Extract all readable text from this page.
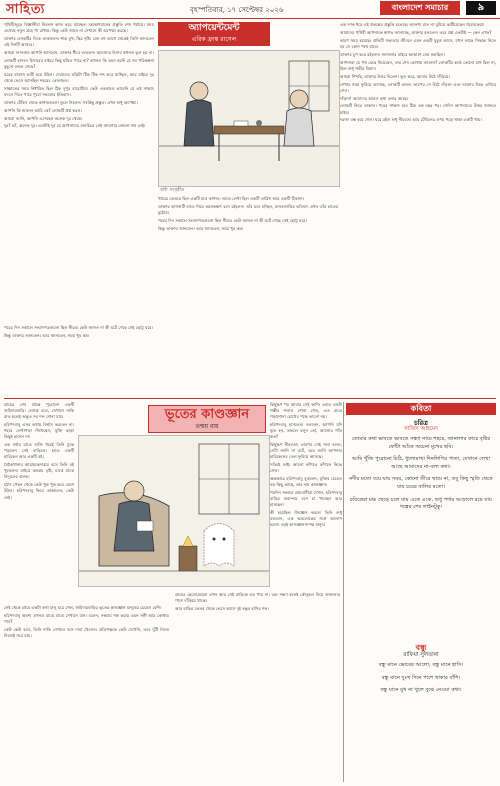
সাহিত্য	বৃহস্পতিবার, ১৭ সেপ্টেম্বর ২০২৬	বাংলাদেশ সমাচার	৯
অ্যাপয়েন্টমেন্ট
এরিক ফ্রাঙ্ক রাসেল

পৃথিবীজুড়ে বিজ্ঞানীরা নিরলস কাজ করে যাচ্ছেন। মহাকাশযানের প্রস্তুতি শেষ পর্যায়ে। সময় এসেছে নতুন গ্রহে পা রাখার। কিন্তু কেউ জানে না সেখানে কী অপেক্ষা করছে।

ডাক্তার লোকটির দিকে তাকালেন। শান্ত মুখ, স্থির দৃষ্টি। যেন বহু আগে থেকেই তিনি জানতেন এই দিনটি আসবে।

আমরা জানতাম আপনি আসবেন, ডাক্তার ধীরে বললেন। আমাদের হিসাব কখনও ভুল হয় না।

লোকটি হাসল। হিসাবের বাইরে কিছু ঘটতে পারে না? কখনও কি এমন হয়নি যে সব পরিকল্পনা মুহূর্তে বদলে গেছে?

ঘরের বাতাস ভারী হয়ে উঠল। দেয়ালের ঘড়িটা টিক টিক শব্দ করে যাচ্ছিল, আর বাইরে দূর থেকে ভেসে আসছিল শহরের কোলাহল।

সাক্ষাতের সময় নির্ধারিত ছিল ঠিক দুপুর বারোটায়। কেউ একবারও ভাবেনি যে এই সাক্ষাৎ বদলে দিতে পারে পুরো সভ্যতার ইতিহাস।

ডাক্তার টেবিল থেকে কাগজগুলো তুলে নিলেন। সবকিছু প্রস্তুত। এখন শুধু অপেক্ষা।

আপনি কি জানেন আমি কে? লোকটি প্রশ্ন করল।

আমরা জানি, আপনি এসেছেন অনেক দূর থেকে।

দূর? হ্যাঁ, অনেক দূর। এতটাই দূর যে আপনাদের মানচিত্রে সেই জায়গার কোনো নাম নেই।

ছবি: সংগৃহীত

এক দশক ধরে এই প্রকল্পের প্রস্তুতি চলেছে। অসংখ্য রাত না ঘুমিয়ে কাটিয়েছেন গবেষকেরা।

আমাদের পৃথিবী আপনাকে স্বাগত জানাচ্ছে, ডাক্তার বললেন। তবে প্রশ্ন একটাই — কেন এখন?

কারণ সময় হয়েছে। প্রতিটি সভ্যতার জীবনে এমন একটি মুহূর্ত আসে, যখন তাকে সিদ্ধান্ত নিতে হয় সে কোন পথে যাবে।

ডাক্তার চুপ করে রইলেন। জানালার বাইরে আকাশে মেঘ জমছিল।

আপনারা যে পথ বেছে নিয়েছেন, তার শেষ কোথায় জানেন? লোকটির কণ্ঠে কোনো রাগ ছিল না, ছিল শুধু গভীর বিষাদ।

আমরা শিখছি, ডাক্তার উত্তর দিলেন। ভুল করে, আবার উঠে দাঁড়িয়ে।

শেখার সময় ফুরিয়ে আসছে, লোকটি বলল। তারপর সে উঠে দাঁড়াল এবং দরজার দিকে এগিয়ে গেল।

দাঁড়ান! আমাদের আরও কথা বলার আছে।

লোকটি ফিরে তাকাল। পরের সাক্ষাৎ হবে ঠিক এক বছর পর। সেদিন আপনাদের উত্তর জানতে চাইব।

দরজা বন্ধ হয়ে গেল। ঘরে রইল শুধু নীরবতা আর টেবিলের ওপর পড়ে থাকা একটি খাম।

খামের ভেতরে ছিল একটি মাত্র কাগজ। তাতে লেখা ছিল একটি তারিখ আর একটি ঠিকানা।

ডাক্তার কাগজটি হাতে নিয়ে অনেকক্ষণ বসে রইলেন। তাঁর মনে হচ্ছিল, মানবজাতির ভবিষ্যৎ এখন তাঁর হাতের মুঠোয়।

পরের দিন সকালে সংবাদপত্রগুলো ছিল নীরব। কেউ জানল না কী ঘটে গেছে সেই ছোট্ট ঘরে।

কিন্তু ডাক্তার জানতেন। আর জানতেন, সময় খুব কম।

পরের দিন সকালে সংবাদপত্রগুলো ছিল নীরব। কেউ জানল না কী ঘটে গেছে সেই ছোট্ট ঘরে।

কিন্তু ডাক্তার জানতেন। আর জানতেন, সময় খুব কম।

ভূতের কাণ্ডজ্ঞান
তন্ময় রায়

গ্রামের শেষ প্রান্তে পুরোনো একটি জমিদারবাড়ি। লোকে বলে, সেখানে নাকি রাত হলেই অদ্ভুত সব শব্দ শোনা যায়।

হরিপদবাবু এসব কথায় বিশ্বাস করতেন না। শহরে লেখাপড়া শিখেছেন, যুক্তি ছাড়া কিছুই মানেন না।

এক বর্ষার রাতে বাজি ধরেই তিনি ঢুকে পড়লেন সেই বাড়িতে। হাতে একটি হারিকেন আর একটি বই।

বৈঠকখানার আরামকেদারায় বসে তিনি বই খুললেন। বাইরে ঝমঝম বৃষ্টি, মাঝে মাঝে বিদ্যুতের ঝলক।

হঠাৎ পেছন থেকে কেউ খুক খুক করে কেশে উঠল। হরিপদবাবু ফিরে তাকালেন, কেউ নেই।

কিছুক্ষণ পর আবার সেই কাশি। এবার একটা গম্ভীর গলাও শোনা গেল, এত রাতে পড়াশোনা চোখের পক্ষে ভালো নয়।

হরিপদবাবু হাসলেন। বললেন, আপনি যদি ভূত হন, তাহলে বলুন তো, আলোর গতি কত?

কিছুক্ষণ নীরবতা। তারপর সেই গলা বলল, সেটা জানি না বটে, তবে জানি আপনার হারিকেনের তেল ফুরিয়ে আসছে।

সত্যিই তাই। আলো কাঁপতে কাঁপতে নিভে গেল।

অন্ধকারে হরিপদবাবু বুঝলেন, যুক্তির চেয়েও বড় কিছু আছে, তার নাম কাণ্ডজ্ঞান।

পরদিন সকালে গ্রামবাসীরা দেখল, হরিপদবাবু বাড়ির বারান্দায় বসে চা খাচ্ছেন আর হাসছেন।

কী হয়েছিল জিজ্ঞেস করলে তিনি শুধু বললেন, এক ভদ্রলোকের সঙ্গে আলাপ হলো। বড়ই কাণ্ডজ্ঞানসম্পন্ন মানুষ।

সেই থেকে গ্রামে একটা কথা চালু হয়ে গেল, জমিদারবাড়ির ভূতের কাণ্ডজ্ঞান মানুষের চেয়েও বেশি।

হরিপদবাবু অবশ্য এখনও মাঝে মাঝে সেখানে যান। বলেন, সন্ধ্যায় গল্প করার এমন সঙ্গী আর কোথায় পাব?

কেউ কেউ বলে, তিনি নাকি সেখানে বসে দাবা খেলেন। প্রতিপক্ষকে কেউ দেখেনি, তবে ঘুঁটি নিজে নিজেই সরে যায়।

গ্রামের ছেলেমেয়েরা এখন আর সেই বাড়িকে ভয় পায় না। বরং সন্ধ্যা হলেই কৌতূহল নিয়ে জানালার পাশে দাঁড়িয়ে থাকে।

আর বাড়ির ভেতর থেকে ভেসে আসে দুই বন্ধুর হাসির শব্দ।

কবিতা
চরিত্র
সাজিদ আহমেদ

তোমার কথা ভাবতে ভাবতে সন্ধ্যা নামে শহরে, জানালার কাচে বৃষ্টির ফোঁটা আঁকে অচেনা মুখের ছবি।

আমি খুঁজি পুরোনো চিঠি, ধুলোমাখা দিনলিপির পাতা, যেখানে লেখা আছে আমাদের না-বলা কথা।

নদীর মতো বয়ে যায় সময়, কোনো তীরে থামে না, তবু কিছু স্মৃতি থেকে যায় চরের বালির মতো।

চরিত্রেরা মঞ্চ ছেড়ে চলে যায় একে একে, শুধু পর্দার আড়ালে রয়ে যায় গল্পের শেষ লাইনটুকু।

বন্ধু
রাফিয়া সুলতানা

বন্ধু মানে ভোরের আলো, বন্ধু মানে হাসি।

বন্ধু মানে দুঃখ দিনে পাশে থাকার বাঁশি।

বন্ধু মানে মুখ না খুলে বুঝে নেওয়া কথা।
